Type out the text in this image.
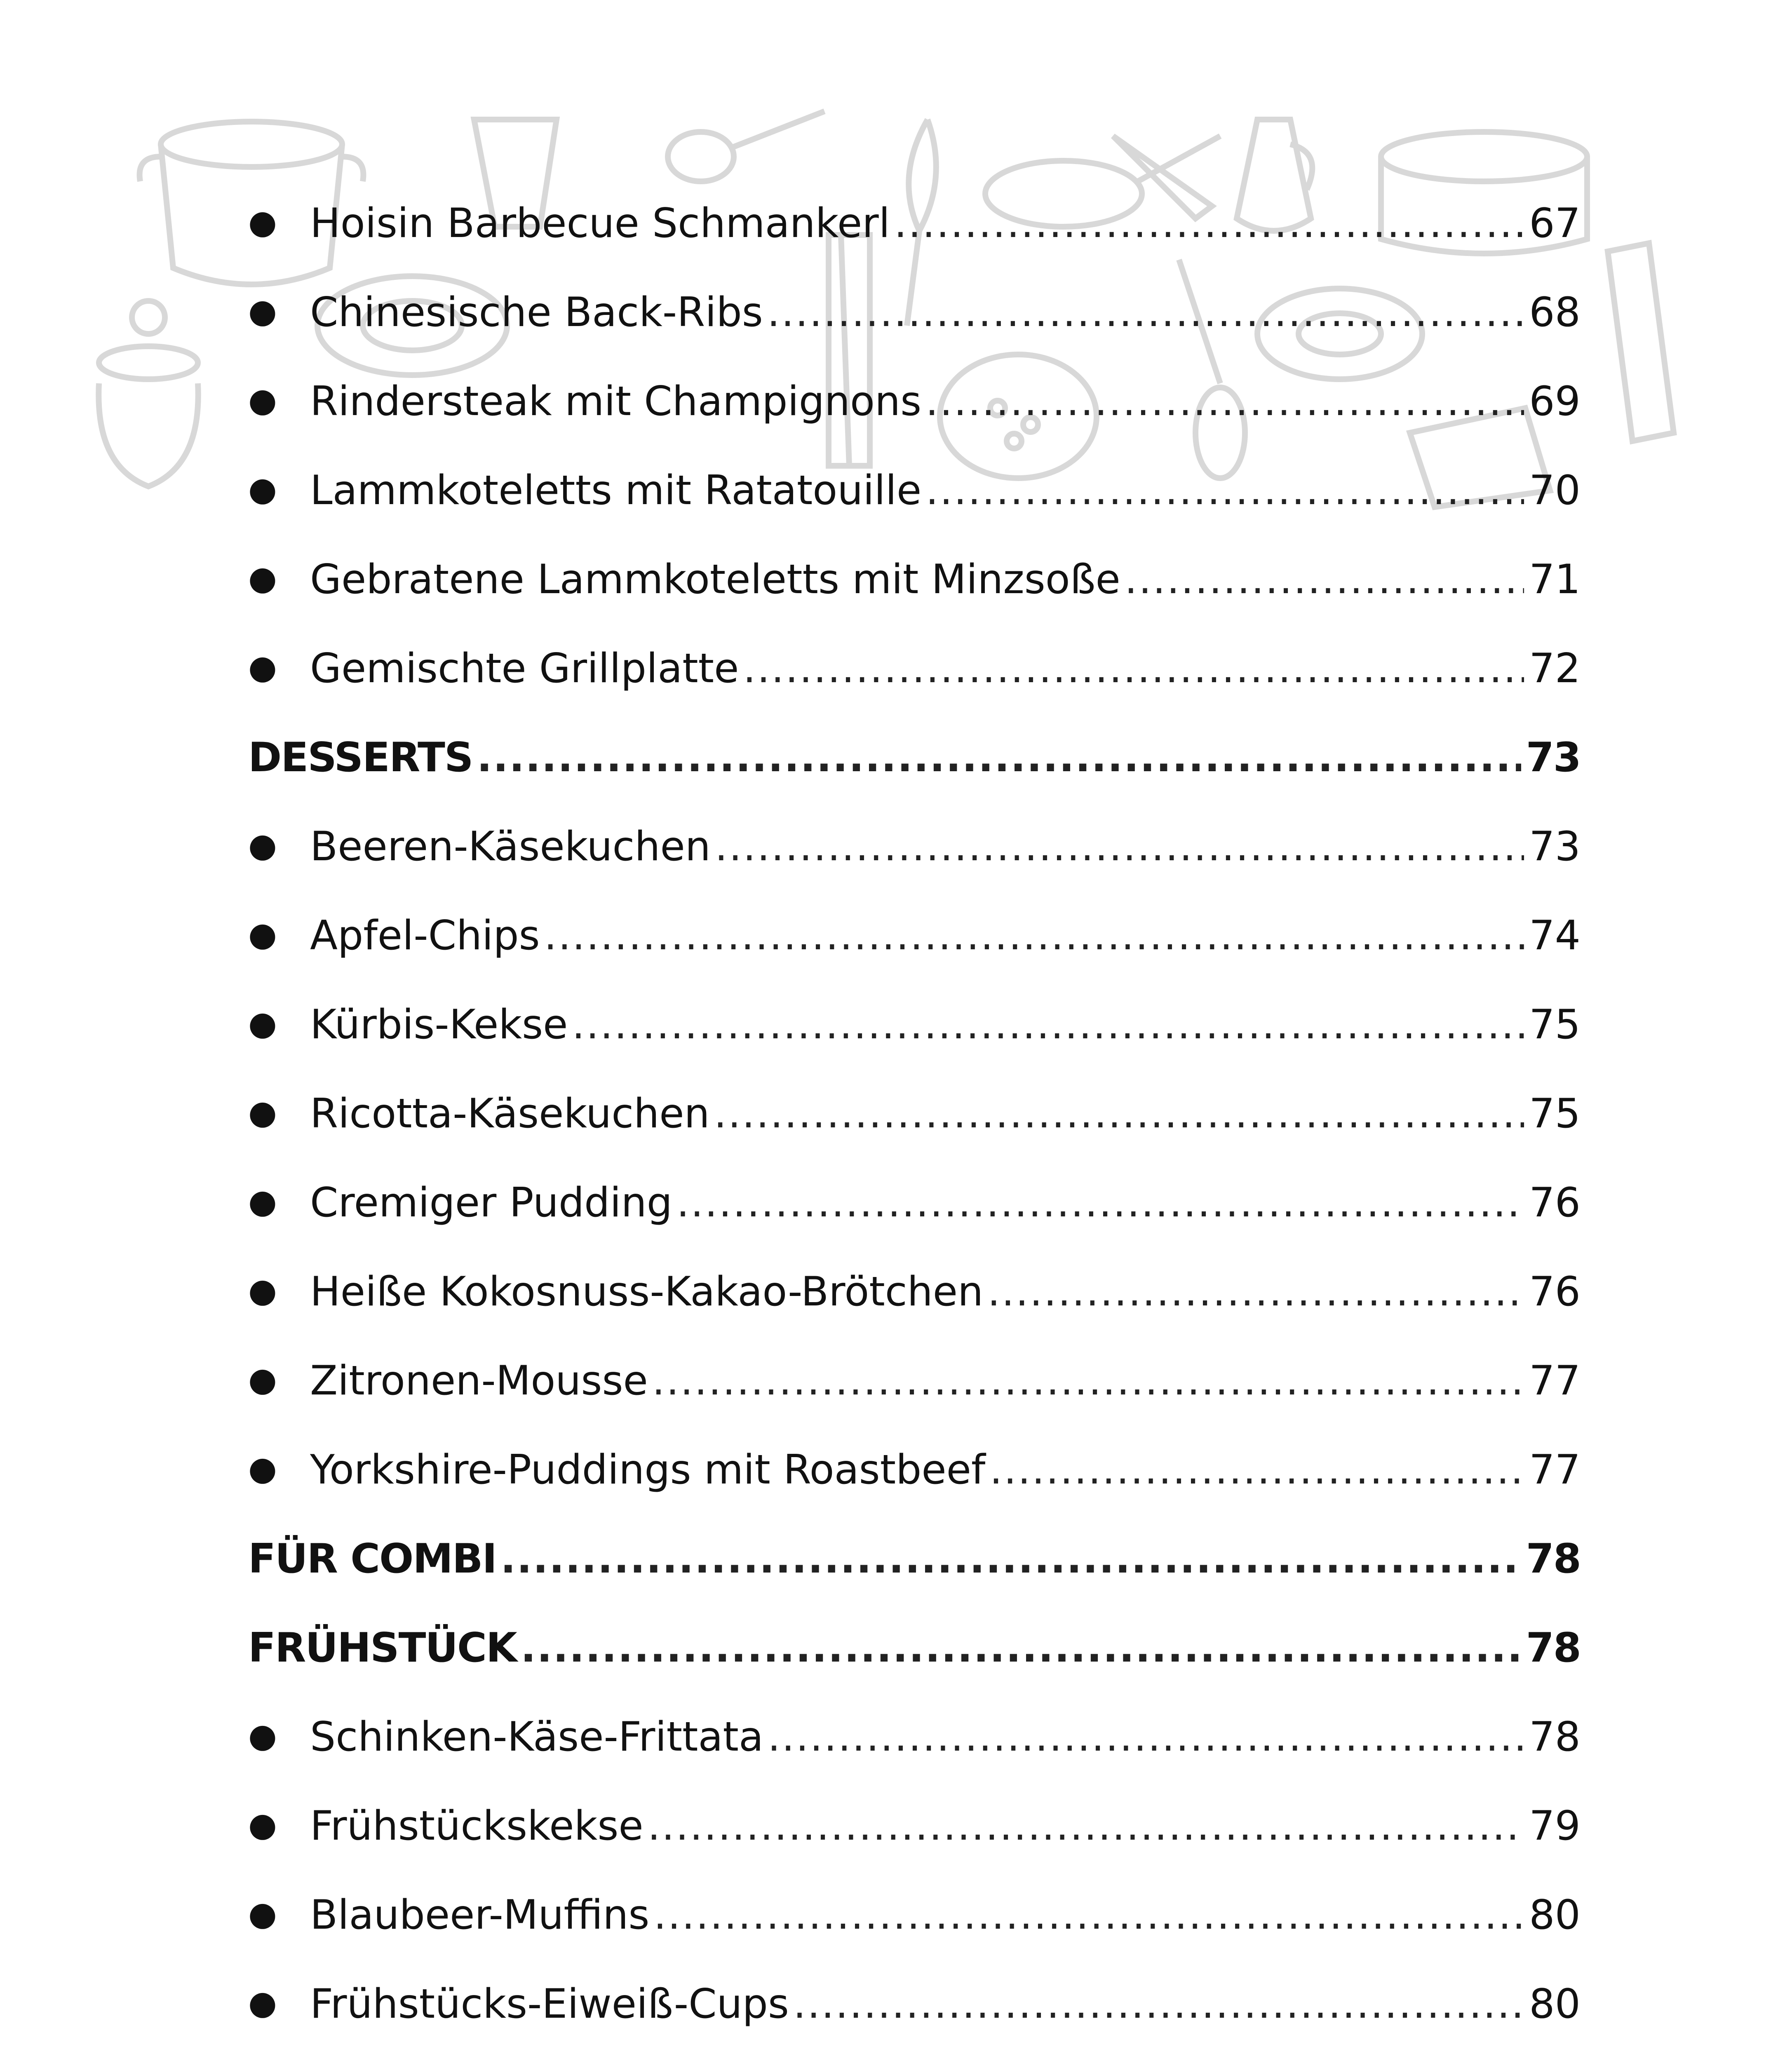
● Hoisin Barbecue Schmankerl .....	67
● Chinesische Back-Ribs .....	68
● Rindersteak mit Champignons .....	69
● Lammkoteletts mit Ratatouille .....	70
● Gebratene Lammkoteletts mit Minzsoße .....	71
● Gemischte Grillplatte .....	72
DESSERTS .....	73
● Beeren-Käsekuchen .....	73
● Apfel-Chips .....	74
● Kürbis-Kekse .....	75
● Ricotta-Käsekuchen .....	75
● Cremiger Pudding .....	76
● Heiße Kokosnuss-Kakao-Brötchen .....	76
● Zitronen-Mousse .....	77
● Yorkshire-Puddings mit Roastbeef .....	77
FÜR COMBI .....	78
FRÜHSTÜCK .....	78
● Schinken-Käse-Frittata .....	78
● Frühstückskekse .....	79
● Blaubeer-Muffins .....	80
● Frühstücks-Eiweiß-Cups .....	80
